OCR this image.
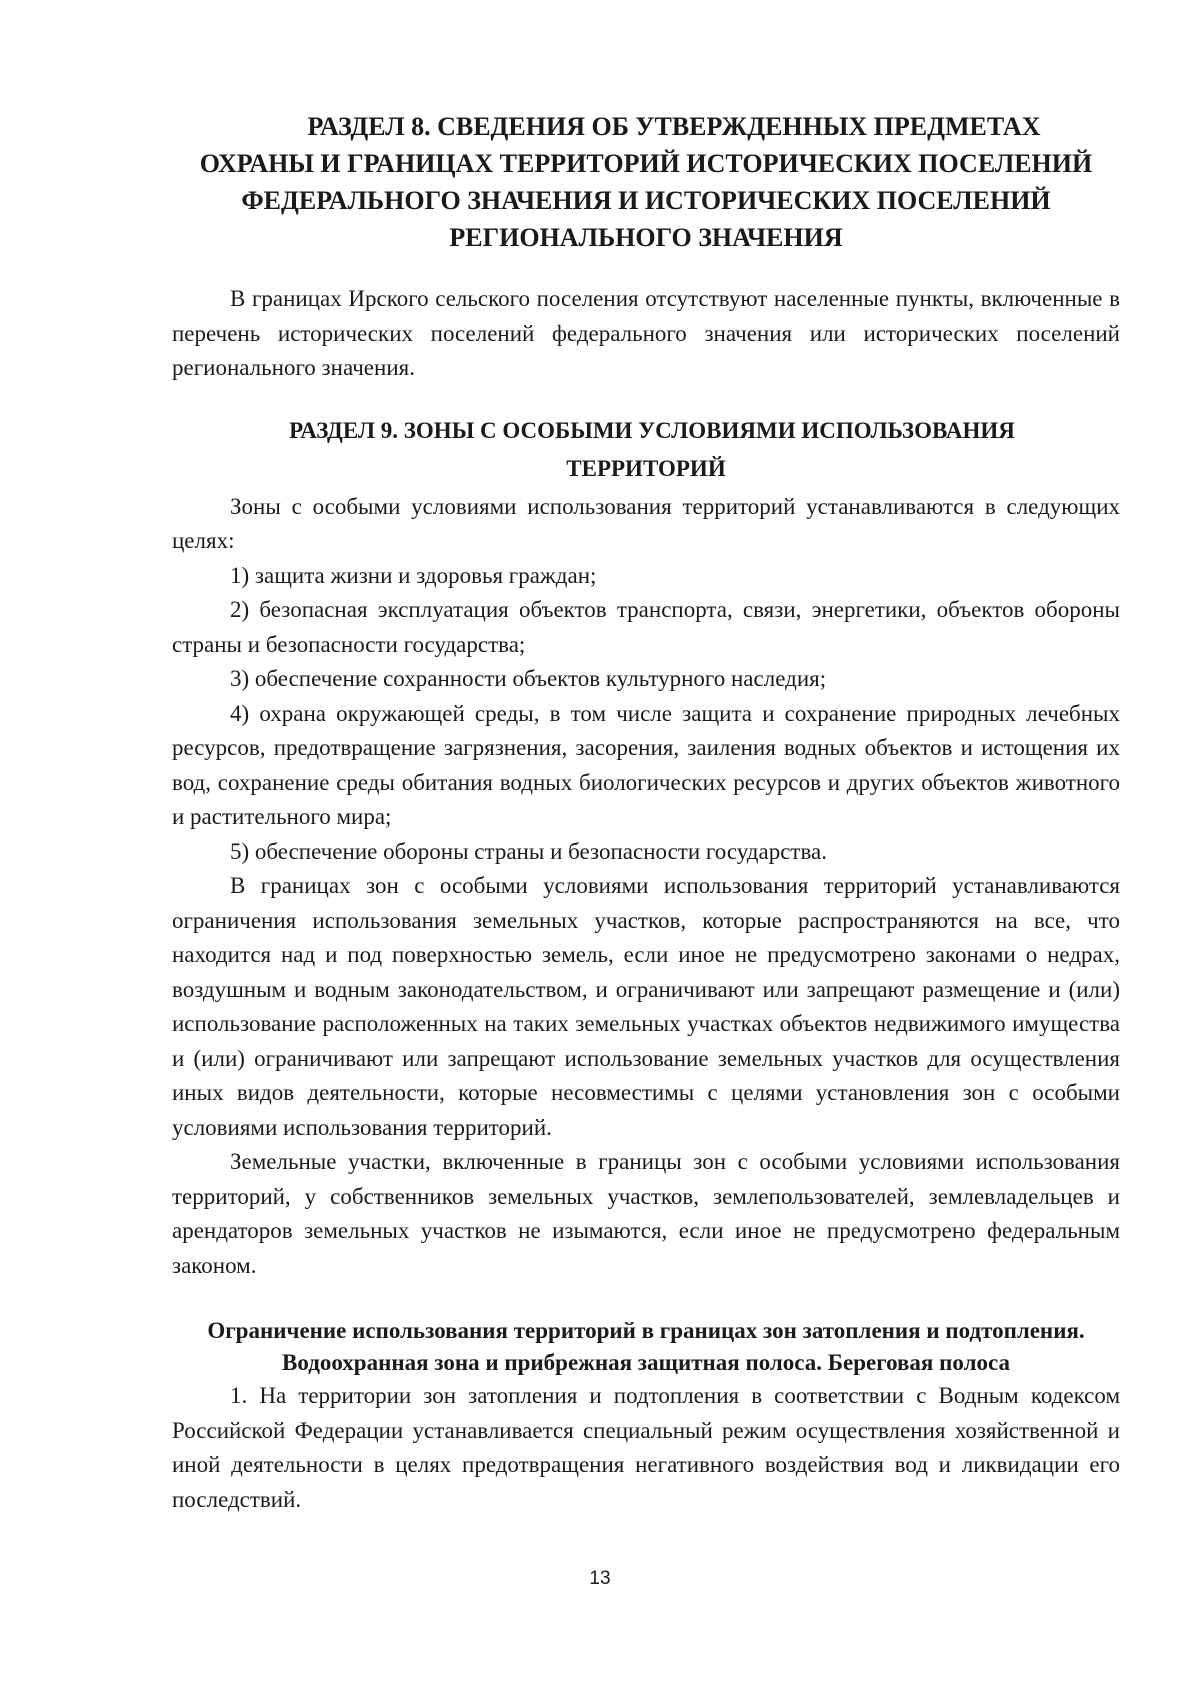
РАЗДЕЛ 8. СВЕДЕНИЯ ОБ УТВЕРЖДЕННЫХ ПРЕДМЕТАХ
ОХРАНЫ И ГРАНИЦАХ ТЕРРИТОРИЙ ИСТОРИЧЕСКИХ ПОСЕЛЕНИЙ
ФЕДЕРАЛЬНОГО ЗНАЧЕНИЯ И ИСТОРИЧЕСКИХ ПОСЕЛЕНИЙ
РЕГИОНАЛЬНОГО ЗНАЧЕНИЯ

В границах Ирского сельского поселения отсутствуют населенные пункты, включенные в перечень исторических поселений федерального значения или исторических поселений регионального значения.

РАЗДЕЛ 9. ЗОНЫ С ОСОБЫМИ УСЛОВИЯМИ ИСПОЛЬЗОВАНИЯ
ТЕРРИТОРИЙ

Зоны с особыми условиями использования территорий устанавливаются в следующих целях:

1) защита жизни и здоровья граждан;

2) безопасная эксплуатация объектов транспорта, связи, энергетики, объектов обороны страны и безопасности государства;

3) обеспечение сохранности объектов культурного наследия;

4) охрана окружающей среды, в том числе защита и сохранение природных лечебных ресурсов, предотвращение загрязнения, засорения, заиления водных объектов и истощения их вод, сохранение среды обитания водных биологических ресурсов и других объектов животного и растительного мира;

5) обеспечение обороны страны и безопасности государства.

В границах зон с особыми условиями использования территорий устанавливаются ограничения использования земельных участков, которые распространяются на все, что находится над и под поверхностью земель, если иное не предусмотрено законами о недрах, воздушным и водным законодательством, и ограничивают или запрещают размещение и (или) использование расположенных на таких земельных участках объектов недвижимого имущества и (или) ограничивают или запрещают использование земельных участков для осуществления иных видов деятельности, которые несовместимы с целями установления зон с особыми условиями использования территорий.

Земельные участки, включенные в границы зон с особыми условиями использования территорий, у собственников земельных участков, землепользователей, землевладельцев и арендаторов земельных участков не изымаются, если иное не предусмотрено федеральным законом.

Ограничение использования территорий в границах зон затопления и подтопления.
Водоохранная зона и прибрежная защитная полоса. Береговая полоса

1. На территории зон затопления и подтопления в соответствии с Водным кодексом Российской Федерации устанавливается специальный режим осуществления хозяйственной и иной деятельности в целях предотвращения негативного воздействия вод и ликвидации его последствий.

13
